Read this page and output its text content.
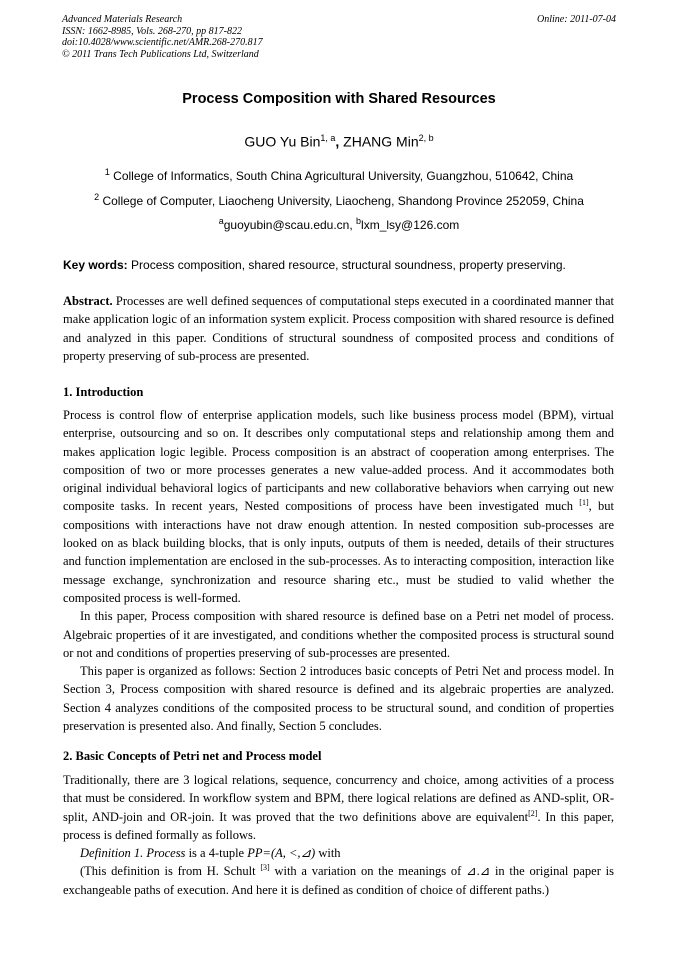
Advanced Materials Research
ISSN: 1662-8985, Vols. 268-270, pp 817-822
doi:10.4028/www.scientific.net/AMR.268-270.817
© 2011 Trans Tech Publications Ltd, Switzerland
Online: 2011-07-04
Process Composition with Shared Resources
GUO Yu Bin$^{1, a}$, ZHANG Min$^{2, b}$
$^1$ College of Informatics, South China Agricultural University, Guangzhou, 510642, China
$^2$ College of Computer, Liaocheng University, Liaocheng, Shandong Province 252059, China
$^a$guoyubin@scau.edu.cn, $^b$lxm_lsy@126.com
Key words: Process composition, shared resource, structural soundness, property preserving.

Abstract. Processes are well defined sequences of computational steps executed in a coordinated manner that make application logic of an information system explicit. Process composition with shared resource is defined and analyzed in this paper. Conditions of structural soundness of composited process and conditions of property preserving of sub-process are presented.

1. Introduction

Process is control flow of enterprise application models, such like business process model (BPM), virtual enterprise, outsourcing and so on. It describes only computational steps and relationship among them and makes application logic legible. Process composition is an abstract of cooperation among enterprises. The composition of two or more processes generates a new value-added process. And it accommodates both original individual behavioral logics of participants and new collaborative behaviors when carrying out new composite tasks. In recent years, Nested compositions of process have been investigated much [1], but compositions with interactions have not draw enough attention. In nested composition sub-processes are looked on as black building blocks, that is only inputs, outputs of them is needed, details of their structures and function implementation are enclosed in the sub-processes. As to interacting composition, interaction like message exchange, synchronization and resource sharing etc., must be studied to valid whether the composited process is well-formed.

In this paper, Process composition with shared resource is defined base on a Petri net model of process. Algebraic properties of it are investigated, and conditions whether the composited process is structural sound or not and conditions of properties preserving of sub-processes are presented.

This paper is organized as follows: Section 2 introduces basic concepts of Petri Net and process model. In Section 3, Process composition with shared resource is defined and its algebraic properties are analyzed. Section 4 analyzes conditions of the composited process to be structural sound, and condition of properties preservation is presented also. And finally, Section 5 concludes.

2. Basic Concepts of Petri net and Process model

Traditionally, there are 3 logical relations, sequence, concurrency and choice, among activities of a process that must be considered. In workflow system and BPM, there logical relations are defined as AND-split, OR-split, AND-join and OR-join. It was proved that the two definitions above are equivalent[2]. In this paper, process is defined formally as follows.

Definition 1. Process is a 4-tuple PP=(A, <,⊿) with

(This definition is from H. Schult [3] with a variation on the meanings of ⊿.⊿ in the original paper is exchangeable paths of execution. And here it is defined as condition of choice of different paths.)
